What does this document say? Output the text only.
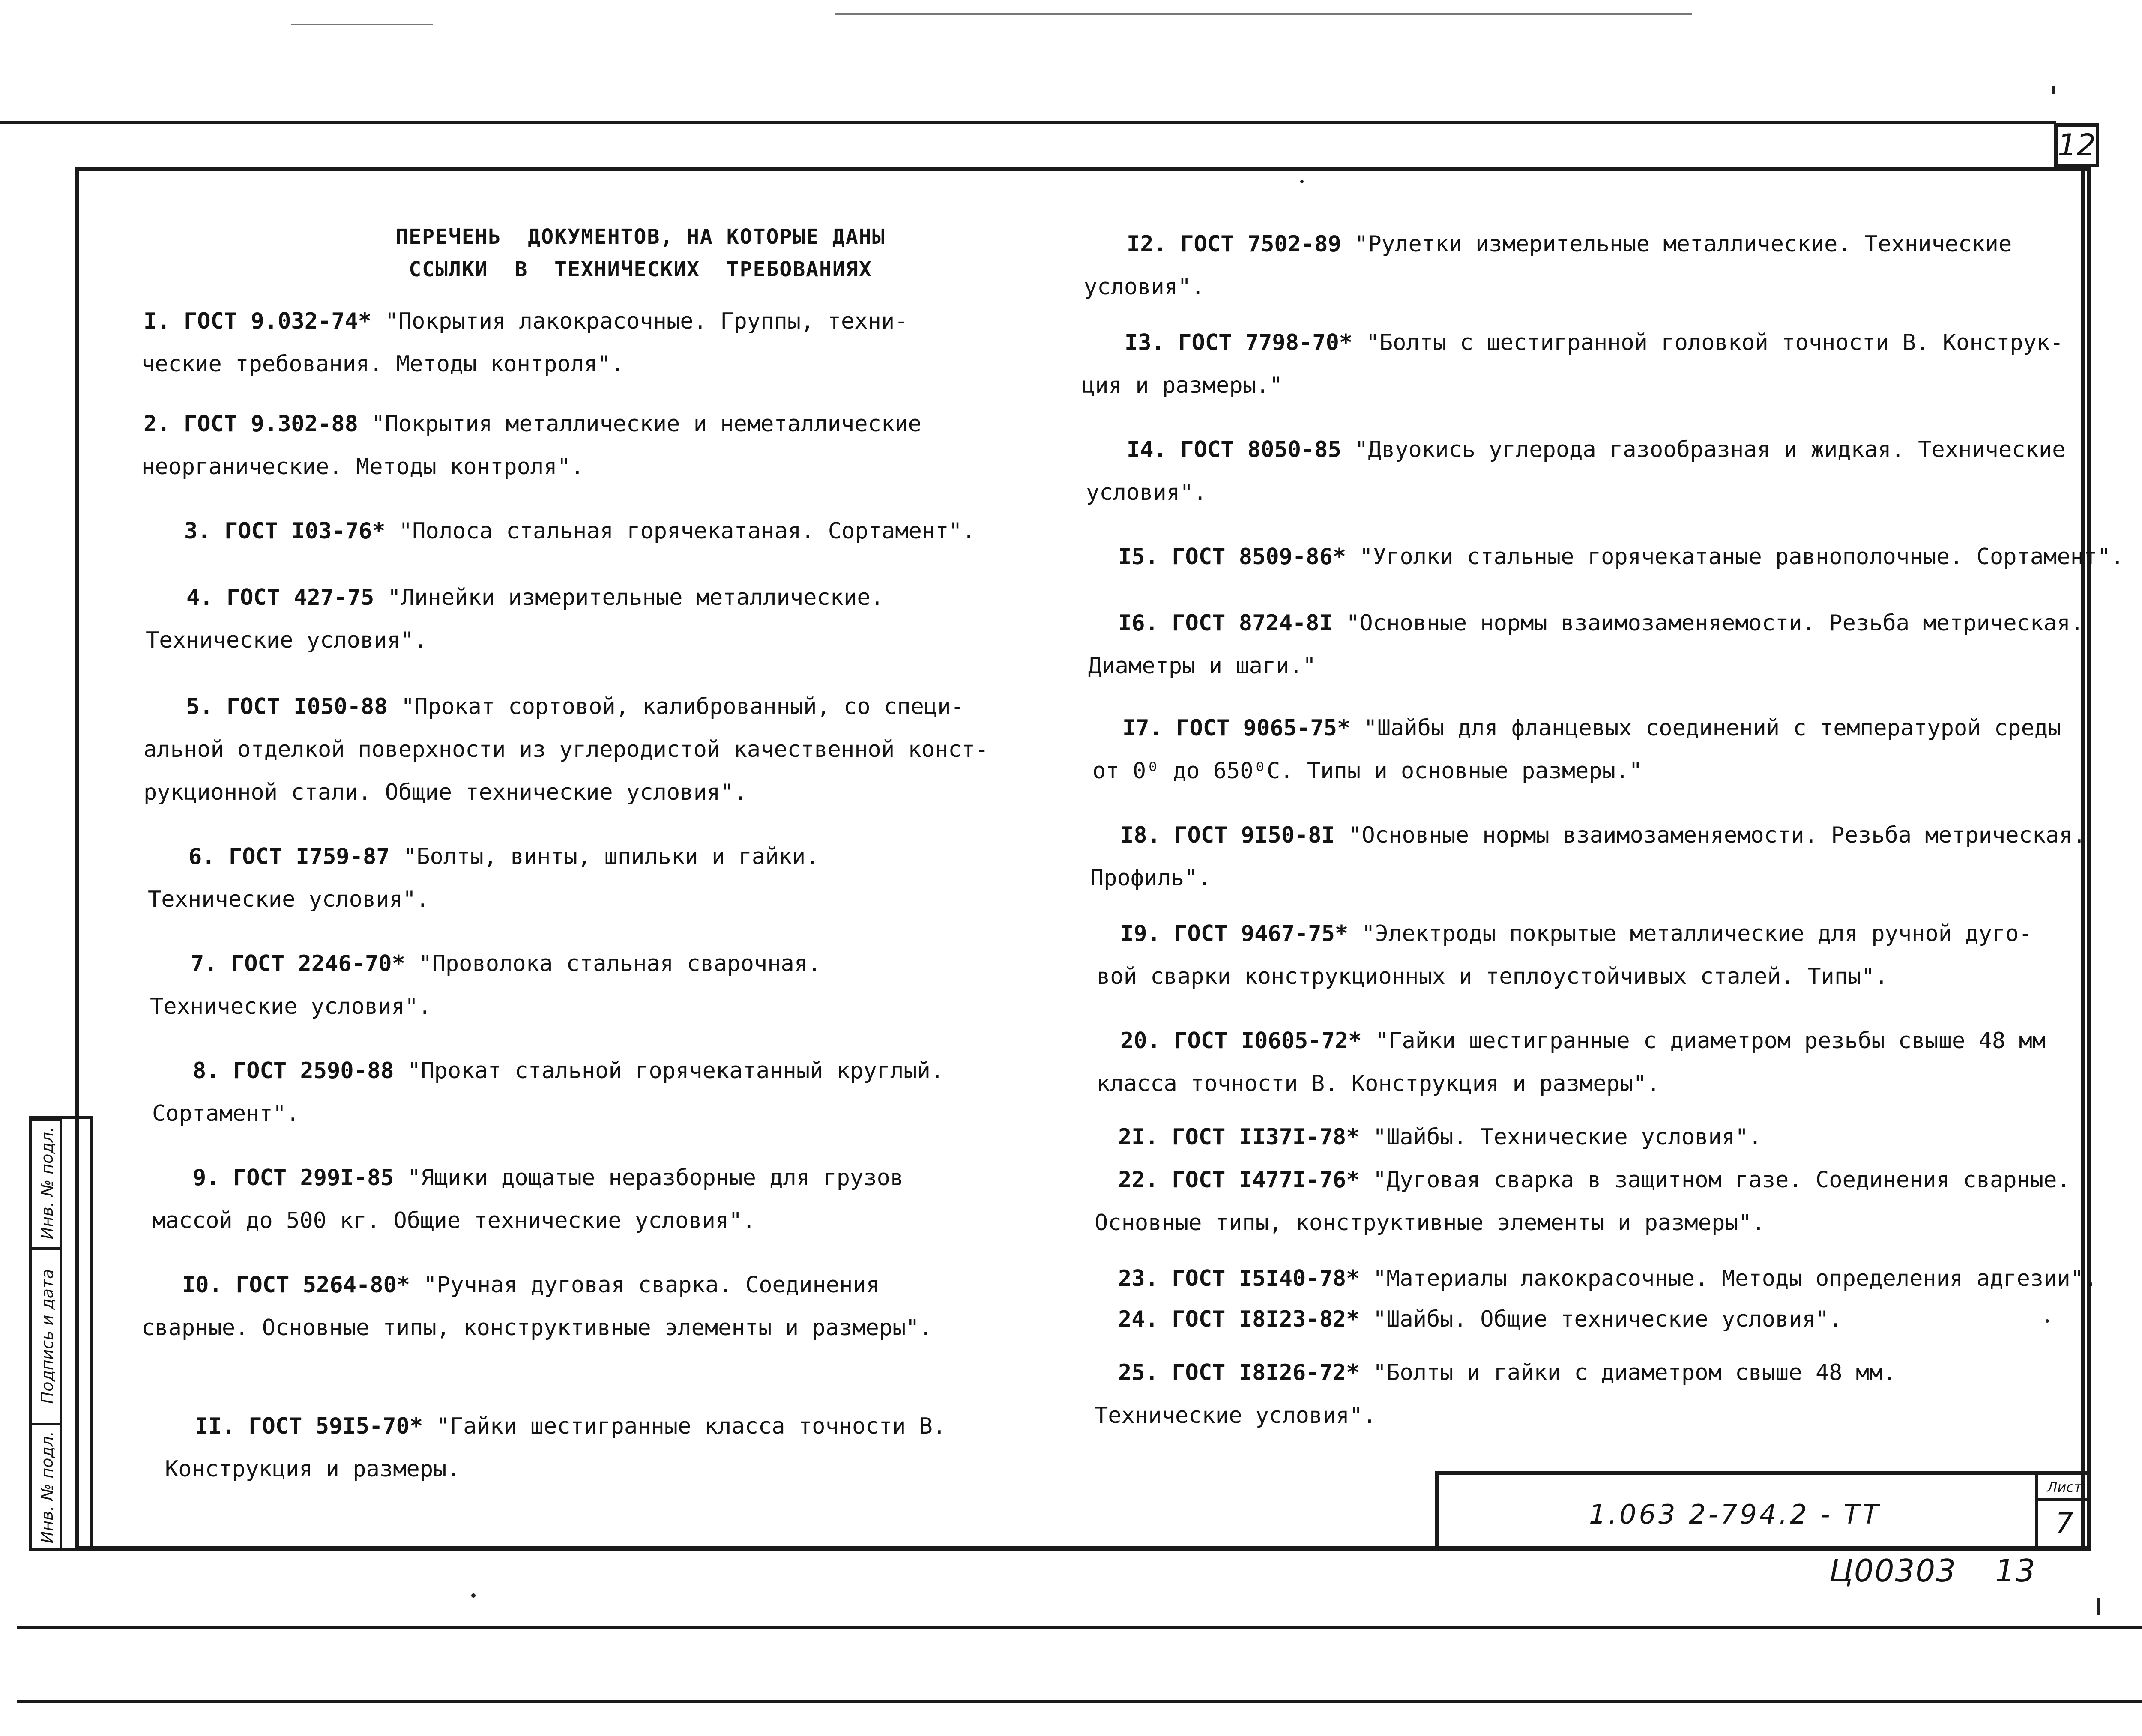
12
Инв. № подл.
Подпись и дата
Инв. № подл.
ПЕРЕЧЕНЬ  ДОКУМЕНТОВ, НА КОТОРЫЕ ДАНЫ
ССЫЛКИ  В  ТЕХНИЧЕСКИХ  ТРЕБОВАНИЯХ
I. ГОСТ 9.032-74* "Покрытия лакокрасочные. Группы, техни-
ческие требования. Методы контроля".
2. ГОСТ 9.302-88 "Покрытия металлические и неметаллические
неорганические. Методы контроля".
3. ГОСТ I03-76* "Полоса стальная горячекатаная. Сортамент".
4. ГОСТ 427-75 "Линейки измерительные металлические.
Технические условия".
5. ГОСТ I050-88 "Прокат сортовой, калиброванный, со специ-
альной отделкой поверхности из углеродистой качественной конст-
рукционной стали. Общие технические условия".
6. ГОСТ I759-87 "Болты, винты, шпильки и гайки.
Технические условия".
7. ГОСТ 2246-70* "Проволока стальная сварочная.
Технические условия".
8. ГОСТ 2590-88 "Прокат стальной горячекатанный круглый.
Сортамент".
9. ГОСТ 299I-85 "Ящики дощатые неразборные для грузов
массой до 500 кг. Общие технические условия".
I0. ГОСТ 5264-80* "Ручная дуговая сварка. Соединения
сварные. Основные типы, конструктивные элементы и размеры".
II. ГОСТ 59I5-70* "Гайки шестигранные класса точности В.
Конструкция и размеры.
I2. ГОСТ 7502-89 "Рулетки измерительные металлические. Технические
условия".
I3. ГОСТ 7798-70* "Болты с шестигранной головкой точности В. Конструк-
ция и размеры."
I4. ГОСТ 8050-85 "Двуокись углерода газообразная и жидкая. Технические
условия".
I5. ГОСТ 8509-86* "Уголки стальные горячекатаные равнополочные. Сортамент".
I6. ГОСТ 8724-8I "Основные нормы взаимозаменяемости. Резьба метрическая.
Диаметры и шаги."
I7. ГОСТ 9065-75* "Шайбы для фланцевых соединений с температурой среды
от 0⁰ до 650⁰С. Типы и основные размеры."
I8. ГОСТ 9I50-8I "Основные нормы взаимозаменяемости. Резьба метрическая.
Профиль".
I9. ГОСТ 9467-75* "Электроды покрытые металлические для ручной дуго-
вой сварки конструкционных и теплоустойчивых сталей. Типы".
20. ГОСТ I0605-72* "Гайки шестигранные с диаметром резьбы свыше 48 мм
класса точности В. Конструкция и размеры".
2I. ГОСТ II37I-78* "Шайбы. Технические условия".
22. ГОСТ I477I-76* "Дуговая сварка в защитном газе. Соединения сварные.
Основные типы, конструктивные элементы и размеры".
23. ГОСТ I5I40-78* "Материалы лакокрасочные. Методы определения адгезии".
24. ГОСТ I8I23-82* "Шайбы. Общие технические условия".
25. ГОСТ I8I26-72* "Болты и гайки с диаметром свыше 48 мм.
Технические условия".
1.063 2-794.2 - ТТ
Лист
7
Ц00303 13
